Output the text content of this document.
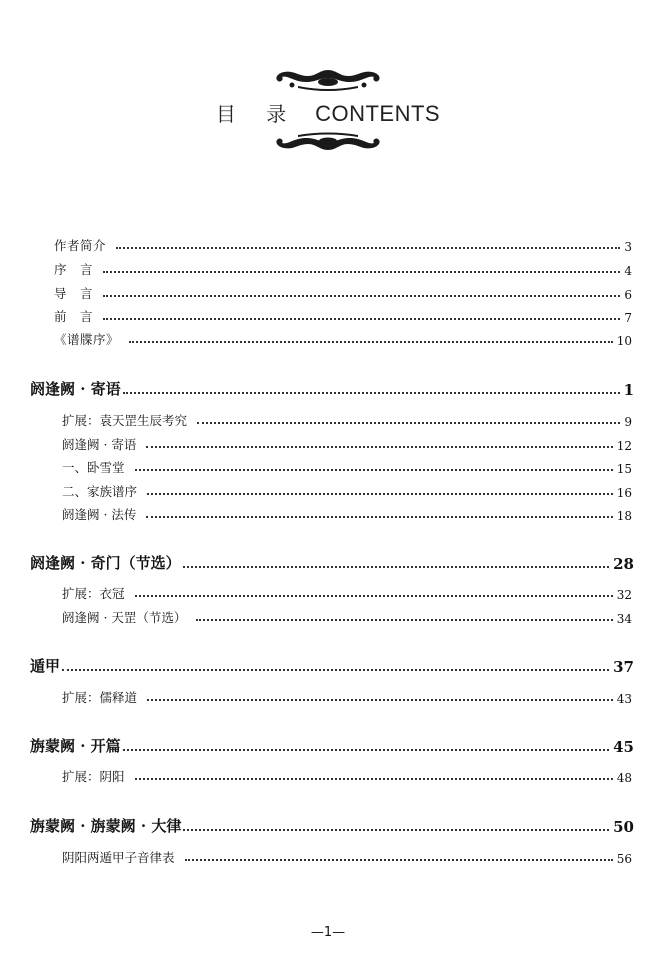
目 录 CONTENTS
作者简介	3
序　言	4
导　言	6
前　言	7
《谱牒序》	10
阏逢阙 · 寄语	1
扩展：袁天罡生辰考究	9
阏逢阙 · 寄语	12
一、卧雪堂	15
二、家族谱序	16
阏逢阙 · 法传	18
阏逢阙 · 奇门（节选）	28
扩展：衣冠	32
阏逢阙 · 天罡（节选）	34
遁甲	37
扩展：儒释道	43
旃蒙阙 · 开篇	45
扩展：阴阳	48
旃蒙阙 · 旃蒙阙 · 大律	50
阴阳两遁甲子音律表	56
—1—
